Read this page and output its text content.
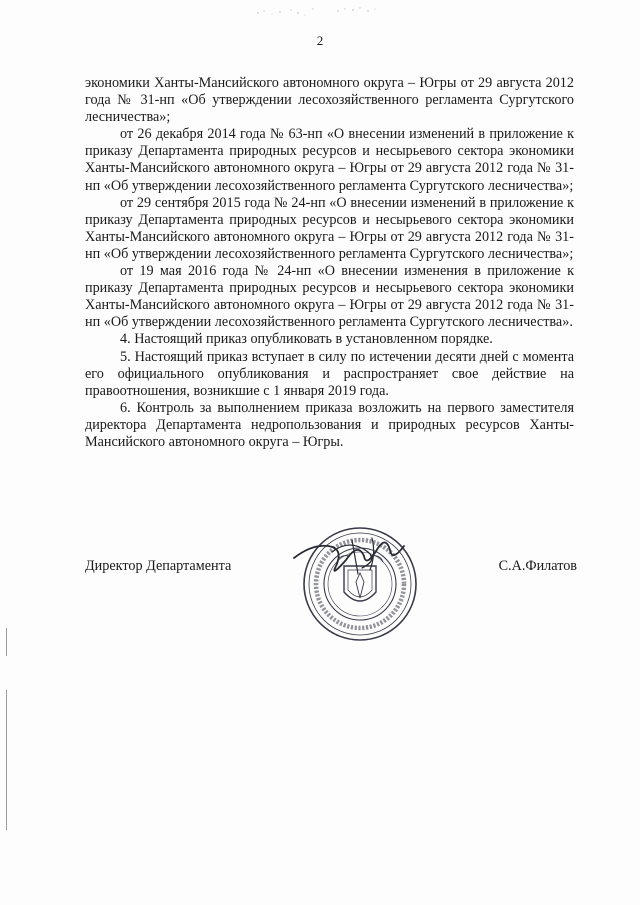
2

экономики Ханты-Мансийского автономного округа – Югры от 29 августа 2012 года № 31-нп «Об утверждении лесохозяйственного регламента Сургутского лесничества»;

от 26 декабря 2014 года № 63-нп «О внесении изменений в приложение к приказу Департамента природных ресурсов и несырьевого сектора экономики Ханты-Мансийского автономного округа – Югры от 29 августа 2012 года № 31-нп «Об утверждении лесохозяйственного регламента Сургутского лесничества»;

от 29 сентября 2015 года № 24-нп «О внесении изменений в приложение к приказу Департамента природных ресурсов и несырьевого сектора экономики Ханты-Мансийского автономного округа – Югры от 29 августа 2012 года № 31-нп «Об утверждении лесохозяйственного регламента Сургутского лесничества»;

от 19 мая 2016 года № 24-нп «О внесении изменения в приложение к приказу Департамента природных ресурсов и несырьевого сектора экономики Ханты-Мансийского автономного округа – Югры от 29 августа 2012 года № 31-нп «Об утверждении лесохозяйственного регламента Сургутского лесничества».

4. Настоящий приказ опубликовать в установленном порядке.

5. Настоящий приказ вступает в силу по истечении десяти дней с момента его официального опубликования и распространяет свое действие на правоотношения, возникшие с 1 января 2019 года.

6. Контроль за выполнением приказа возложить на первого заместителя директора Департамента недропользования и природных ресурсов Ханты-Мансийского автономного округа – Югры.

Директор Департамента	С.А.Филатов
